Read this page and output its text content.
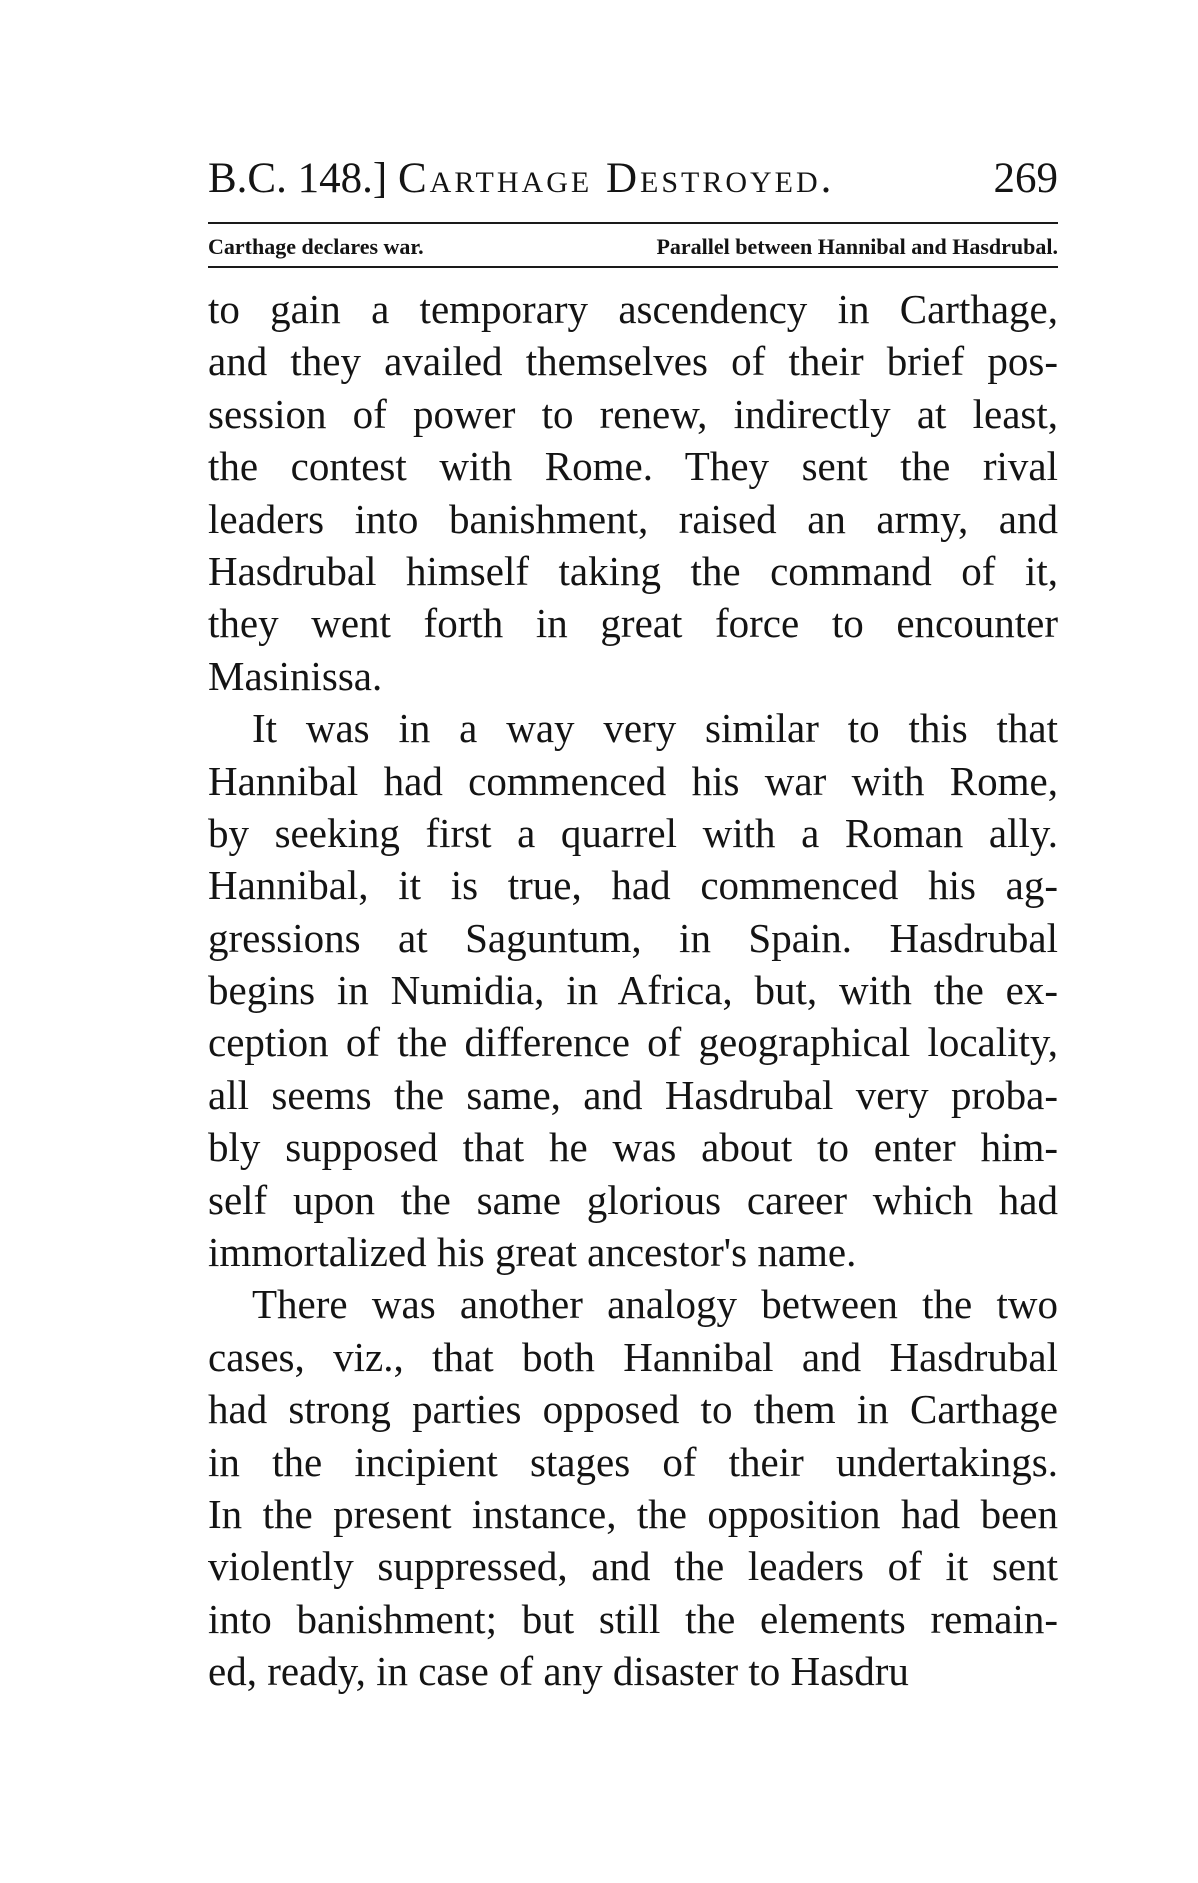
B.C. 148.] Carthage Destroyed.	269
Carthage declares war.	Parallel between Hannibal and Hasdrubal.
to gain a temporary ascendency in Carthage,
and they availed themselves of their brief pos-
session of power to renew, indirectly at least,
the contest with Rome. They sent the rival
leaders into banishment, raised an army, and
Hasdrubal himself taking the command of it,
they went forth in great force to encounter
Masinissa.
It was in a way very similar to this that
Hannibal had commenced his war with Rome,
by seeking first a quarrel with a Roman ally.
Hannibal, it is true, had commenced his ag-
gressions at Saguntum, in Spain. Hasdrubal
begins in Numidia, in Africa, but, with the ex-
ception of the difference of geographical locality,
all seems the same, and Hasdrubal very proba-
bly supposed that he was about to enter him-
self upon the same glorious career which had
immortalized his great ancestor's name.
There was another analogy between the two
cases, viz., that both Hannibal and Hasdrubal
had strong parties opposed to them in Carthage
in the incipient stages of their undertakings.
In the present instance, the opposition had been
violently suppressed, and the leaders of it sent
into banishment; but still the elements remain-
ed, ready, in case of any disaster to Hasdru
